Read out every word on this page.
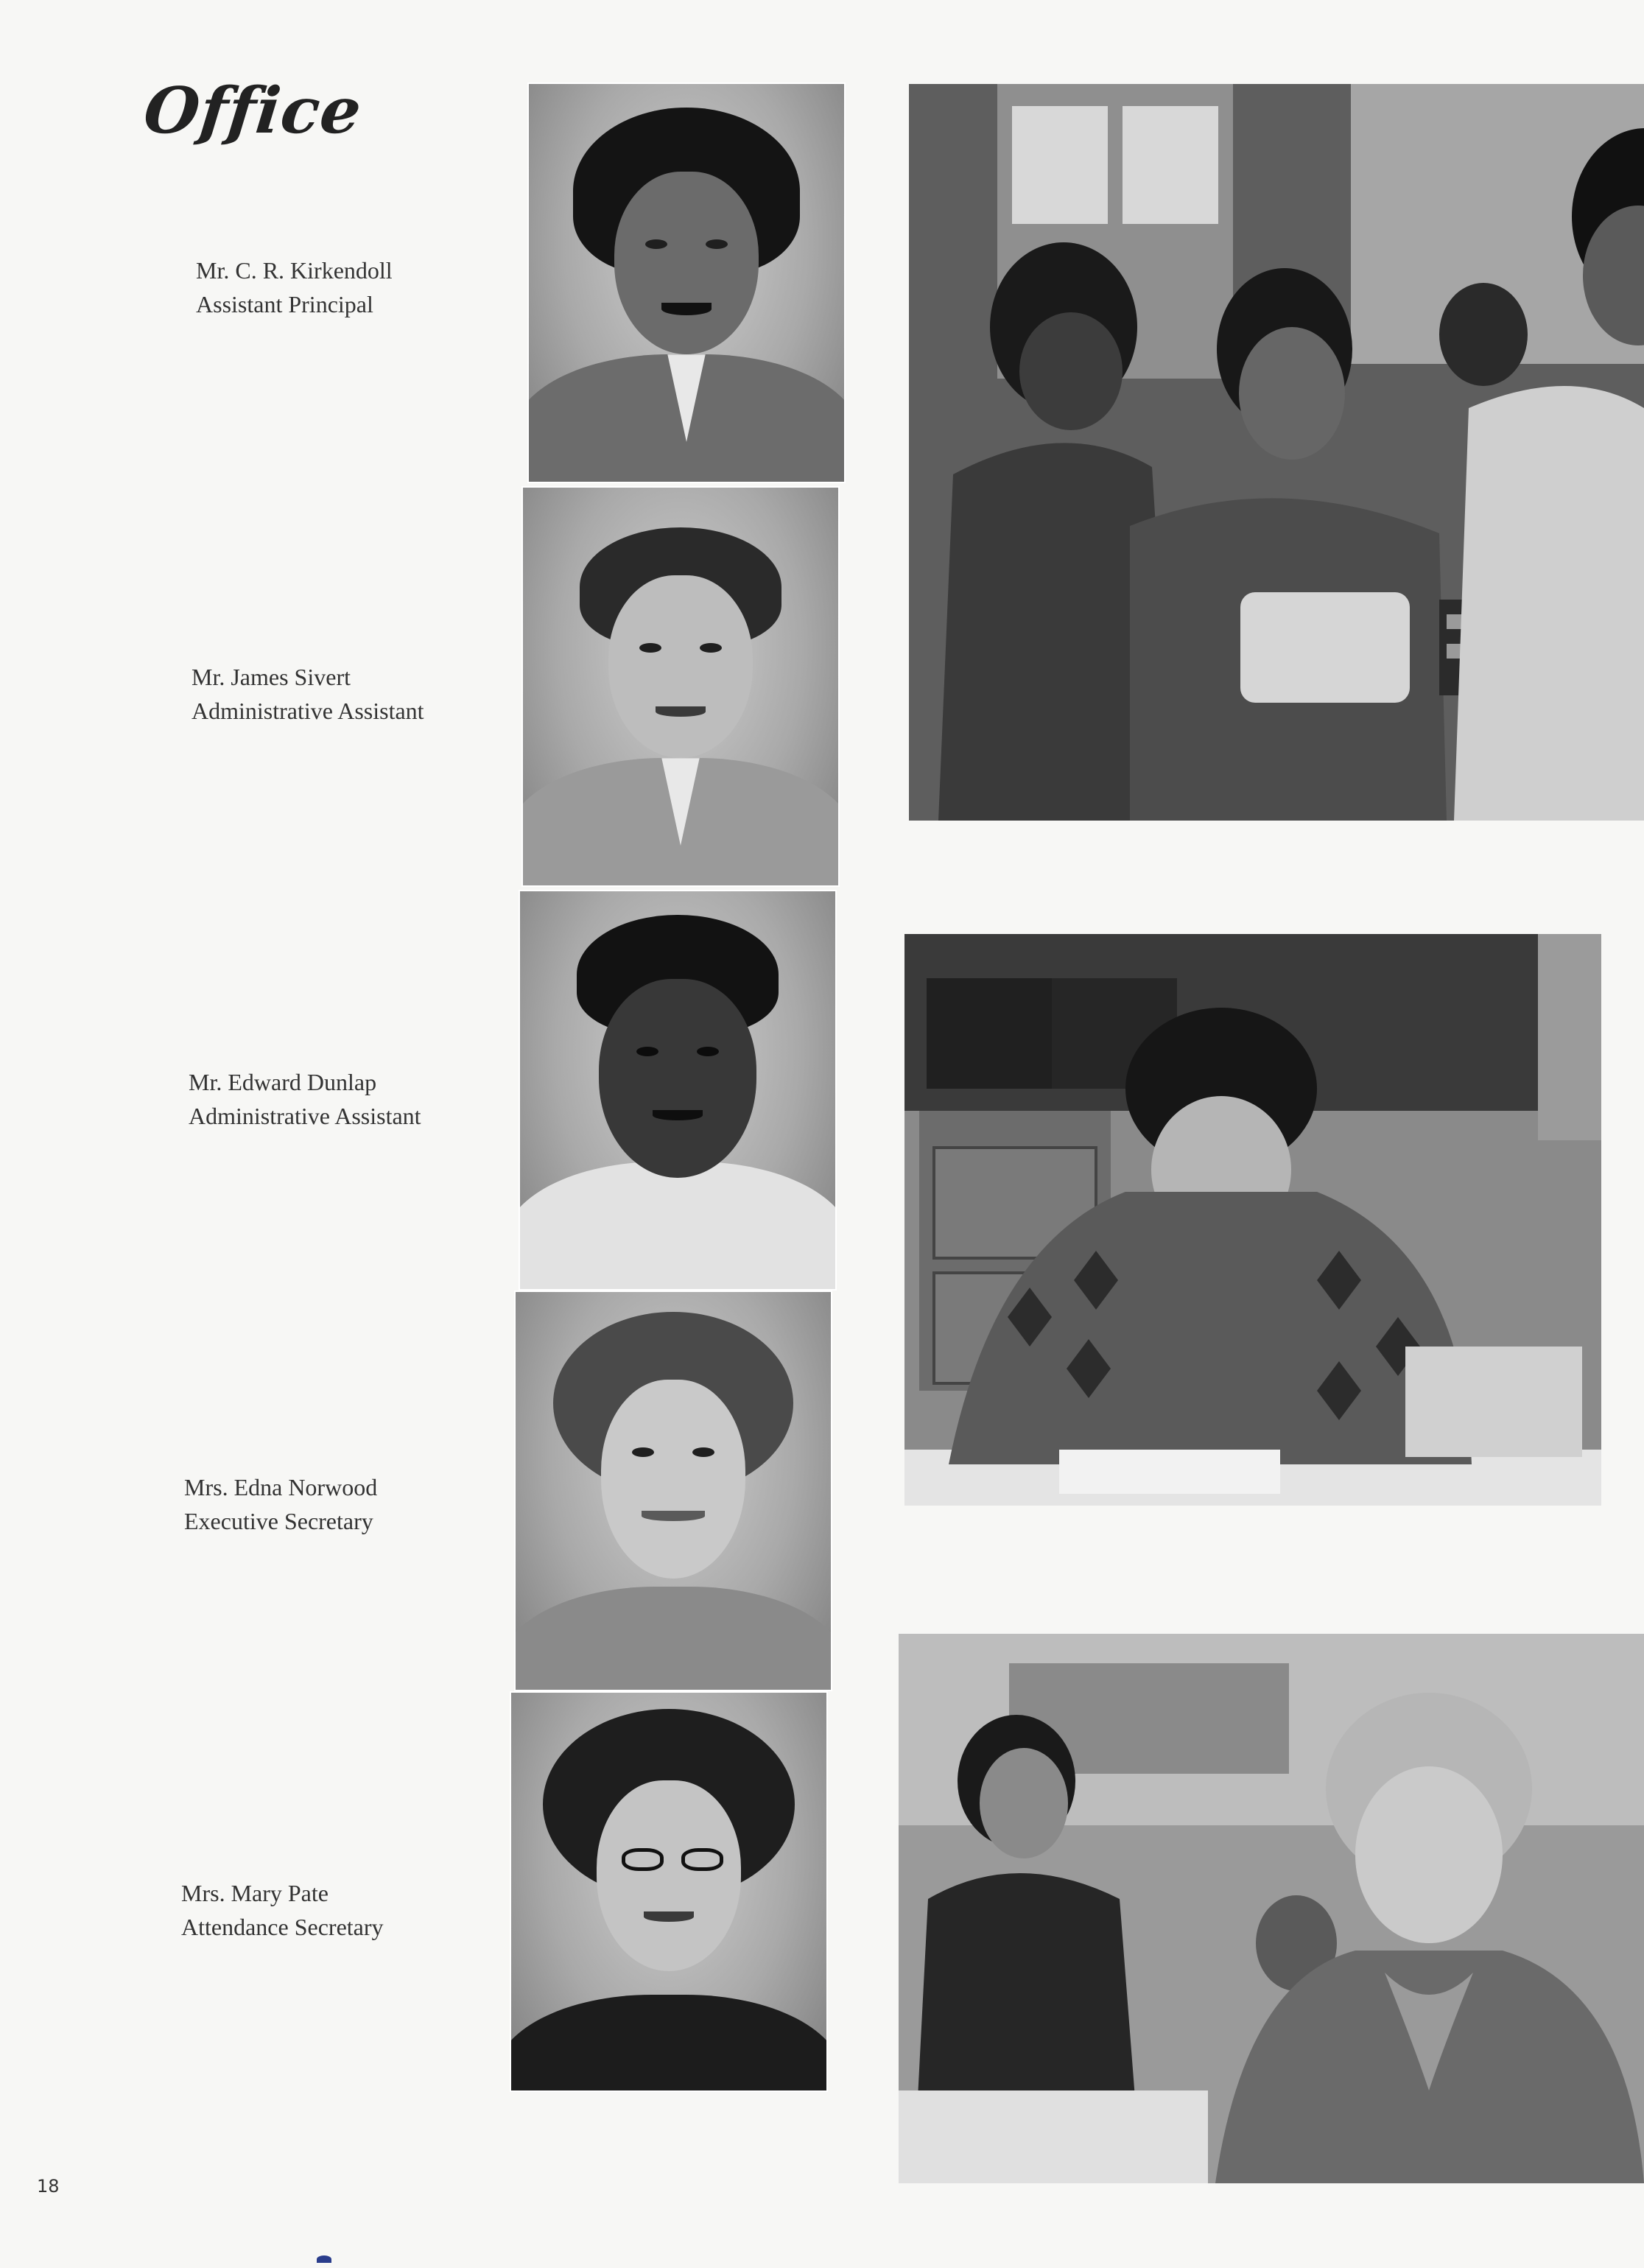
Office
Mr. C. R. Kirkendoll
Assistant Principal
Mr. James Sivert
Administrative Assistant
Mr. Edward Dunlap
Administrative Assistant
Mrs. Edna Norwood
Executive Secretary
Mrs. Mary Pate
Attendance Secretary
18
